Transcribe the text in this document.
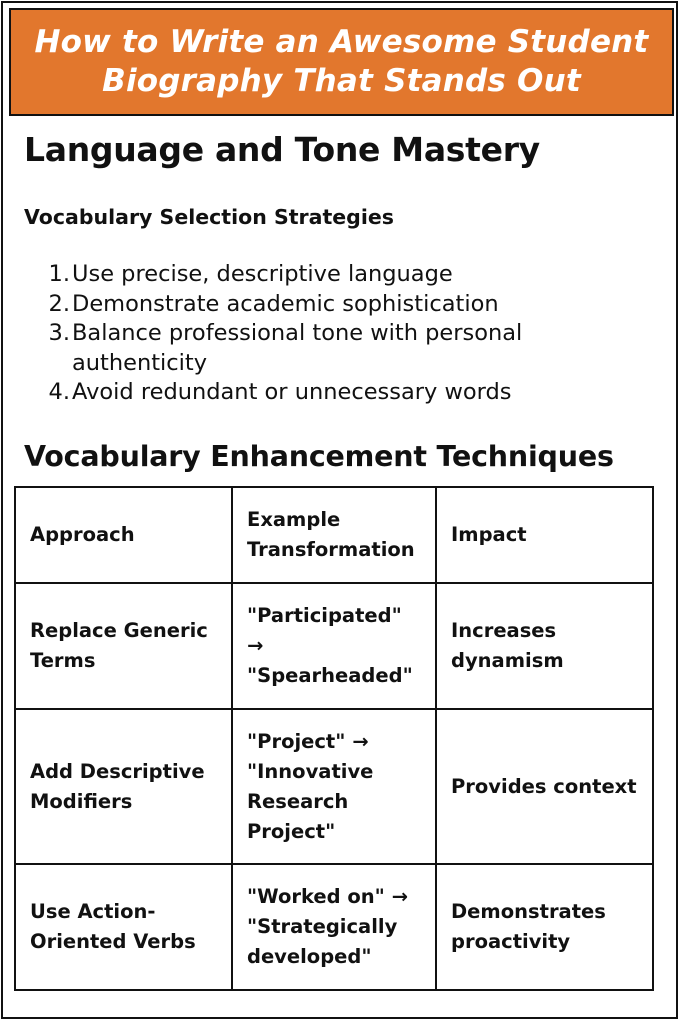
How to Write an Awesome Student Biography That Stands Out
Language and Tone Mastery
Vocabulary Selection Strategies
1. Use precise, descriptive language
2. Demonstrate academic sophistication
3. Balance professional tone with personal authenticity
4. Avoid redundant or unnecessary words
Vocabulary Enhancement Techniques
Approach	Example Transformation	Impact
Replace Generic Terms	"Participated" → "Spearheaded"	Increases dynamism
Add Descriptive Modifiers	"Project" → "Innovative Research Project"	Provides context
Use Action-Oriented Verbs	"Worked on" → "Strategically developed"	Demonstrates proactivity
